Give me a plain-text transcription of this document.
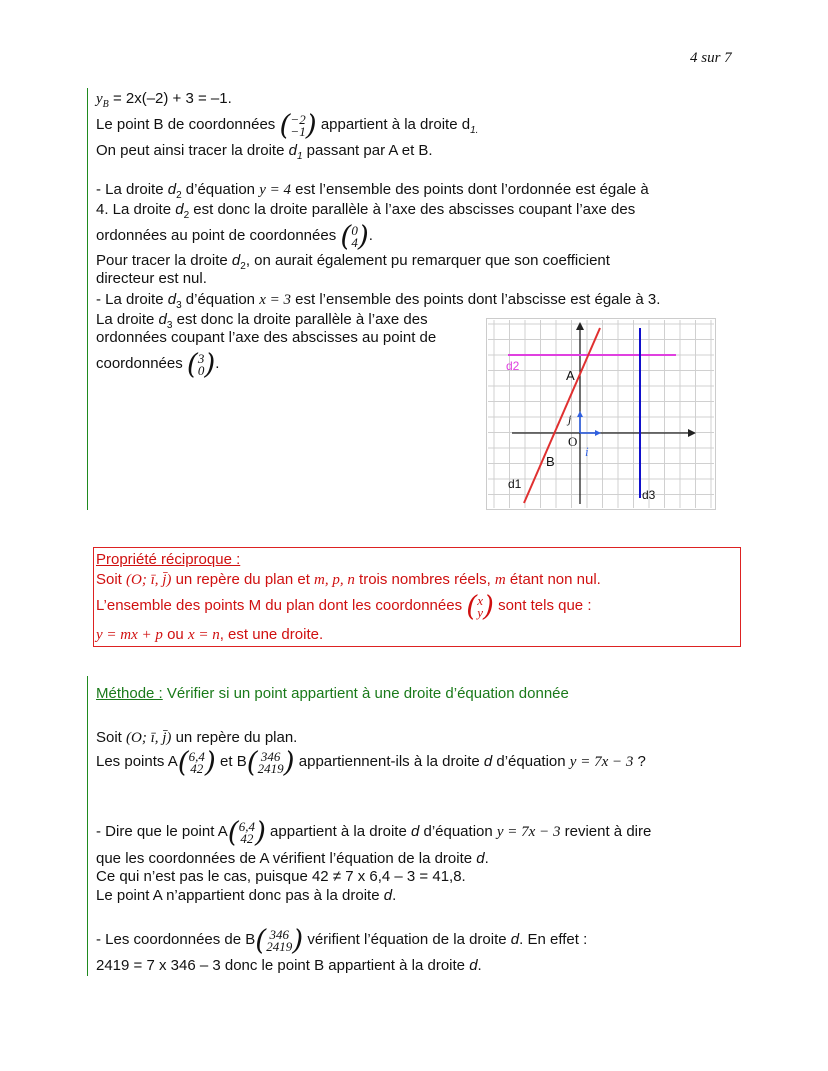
4 sur 7
$y_B = 2x(-2) + 3 = -1$.
Le point B de coordonnées ( −2
−1 ) appartient à la droite $d_{1.}$
On peut ainsi tracer la droite $d_1$ passant par A et B.
- La droite $d_2$ d’équation y = 4 est l’ensemble des points dont l’ordonnée est égale à
4. La droite $d_2$ est donc la droite parallèle à l’axe des abscisses coupant l’axe des
ordonnées au point de coordonnées ( 0
4 ).
Pour tracer la droite $d_2$, on aurait également pu remarquer que son coefficient
directeur est nul.
- La droite $d_3$ d’équation x = 3 est l’ensemble des points dont l’abscisse est égale à 3.
La droite $d_3$ est donc la droite parallèle à l’axe des
ordonnées coupant l’axe des abscisses au point de
coordonnées ( 3
0 ).	d2
A
j
O
i
B
d1
d3
Propriété réciproque :
Soit (O; ī, j̄) un repère du plan et m, p, n trois nombres réels, m étant non nul.
L’ensemble des points M du plan dont les coordonnées ( x
y ) sont tels que :
y = mx + p ou x = n, est une droite.
Méthode : Vérifier si un point appartient à une droite d’équation donnée
Soit (O; ī, j̄) un repère du plan.
Les points A( 6,4
42 ) et B( 346
2419 ) appartiennent-ils à la droite d d’équation y = 7x − 3 ?
- Dire que le point A( 6,4
42 ) appartient à la droite d d’équation y = 7x − 3 revient à dire
que les coordonnées de A vérifient l’équation de la droite d.
Ce qui n’est pas le cas, puisque 42 ≠ 7 x 6,4 – 3 = 41,8.
Le point A n’appartient donc pas à la droite d.
- Les coordonnées de B( 346
2419 ) vérifient l’équation de la droite d. En effet :
2419 = 7 x 346 – 3 donc le point B appartient à la droite d.
